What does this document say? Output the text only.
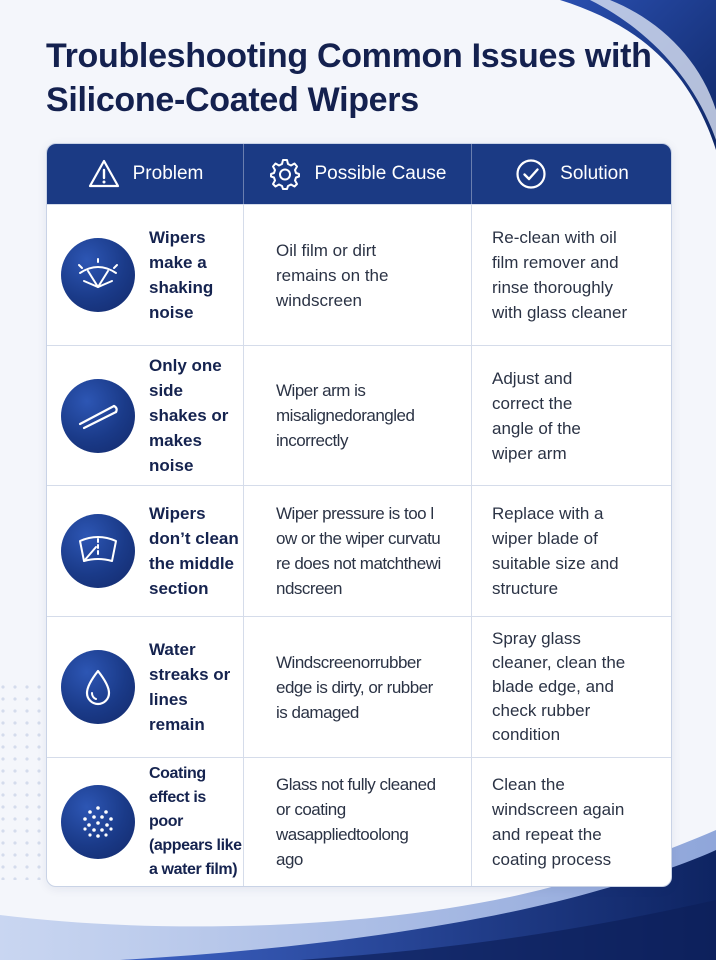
Troubleshooting Common Issues with
Silicone-Coated Wipers
Problem	Possible Cause	Solution
Wipers make a shaking noise
Oil film or dirt remains on the windscreen
Re-clean with oil film remover and rinse thoroughly with glass cleaner
Only one side shakes or makes noise
Wiper arm is misalignedorangled incorrectly
Adjust and correct the angle of the wiper arm
Wipers don’t clean the middle section
Wiper pressure is too low or the wiper curvature does not matchthewindscreen
Replace with a wiper blade of suitable size and structure
Water streaks or lines remain
Windscreenorrubber edge is dirty, or rubber is damaged
Spray glass cleaner, clean the blade edge, and check rubber condition
Coating effect is poor (appears like a water film)
Glass not fully cleaned or coating wasappliedtoolong ago
Clean the windscreen again and repeat the coating process
